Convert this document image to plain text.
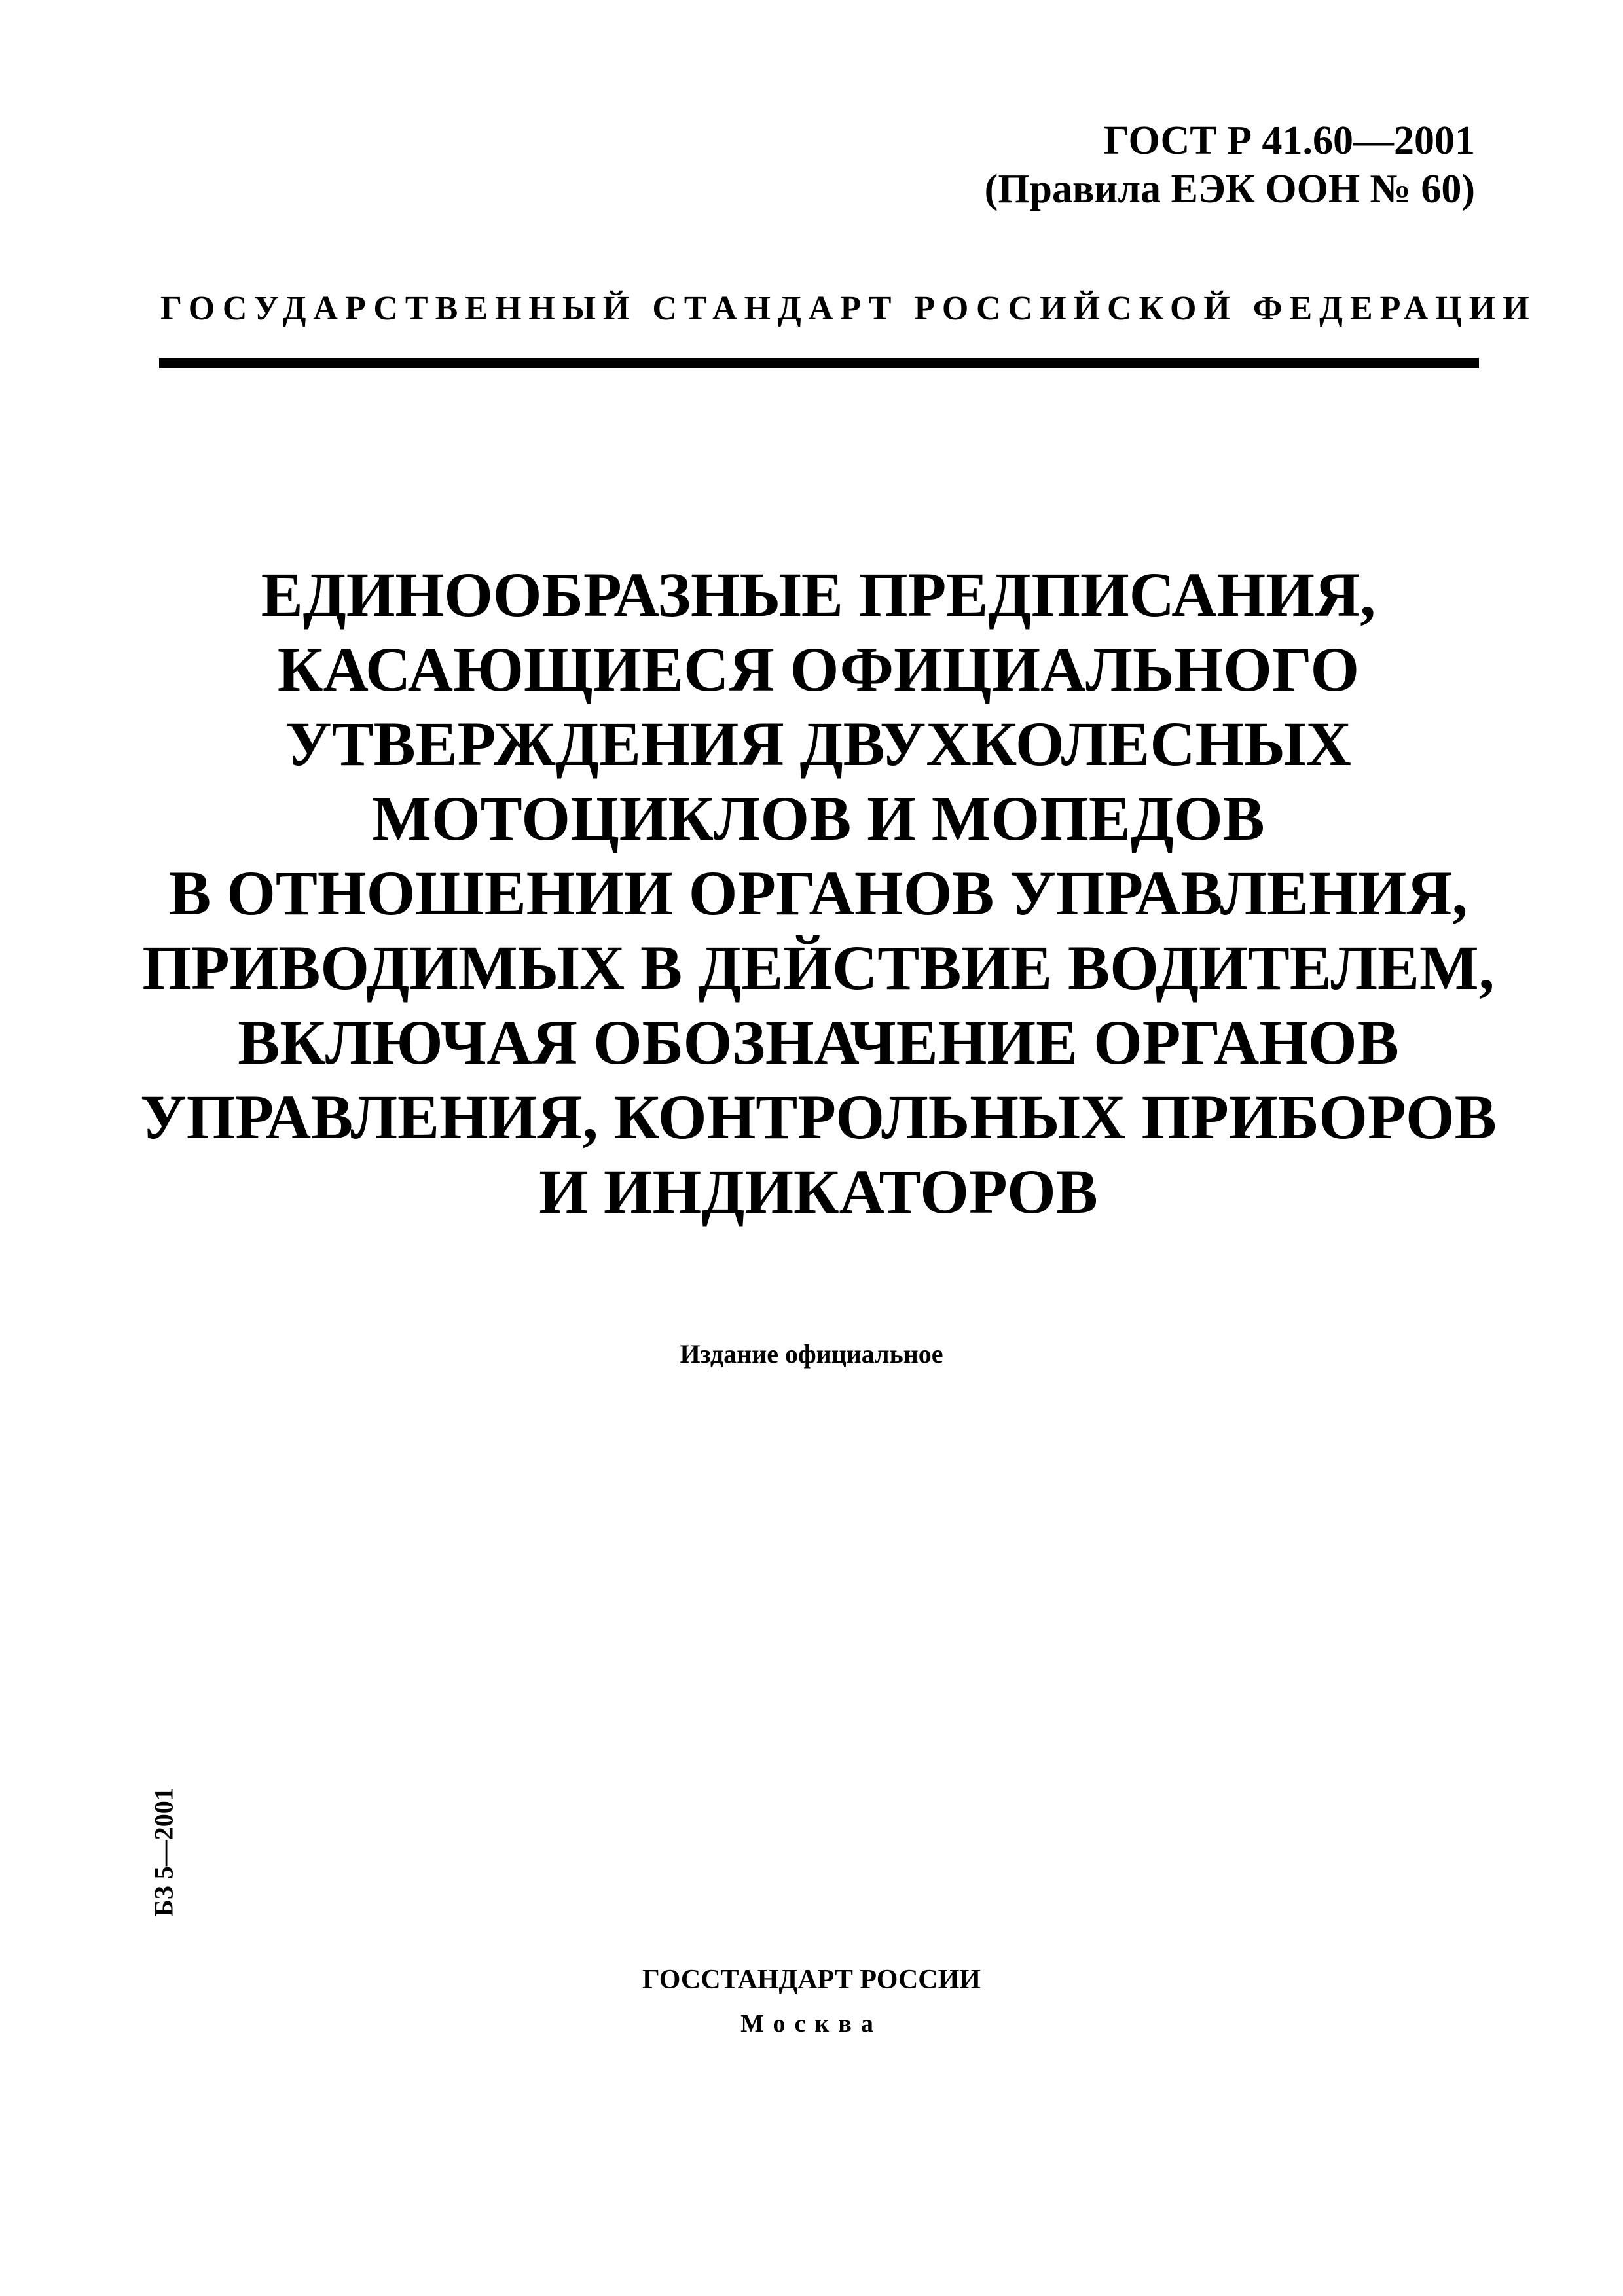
ГОСТ Р 41.60—2001
(Правила ЕЭК ООН № 60)
ГОСУДАРСТВЕННЫЙ СТАНДАРТ РОССИЙСКОЙ ФЕДЕРАЦИИ
ЕДИНООБРАЗНЫЕ ПРЕДПИСАНИЯ,
КАСАЮЩИЕСЯ ОФИЦИАЛЬНОГО
УТВЕРЖДЕНИЯ ДВУХКОЛЕСНЫХ
МОТОЦИКЛОВ И МОПЕДОВ
В ОТНОШЕНИИ ОРГАНОВ УПРАВЛЕНИЯ,
ПРИВОДИМЫХ В ДЕЙСТВИЕ ВОДИТЕЛЕМ,
ВКЛЮЧАЯ ОБОЗНАЧЕНИЕ ОРГАНОВ
УПРАВЛЕНИЯ, КОНТРОЛЬНЫХ ПРИБОРОВ
И ИНДИКАТОРОВ
Издание официальное
БЗ 5—2001
ГОССТАНДАРТ РОССИИ
Москва
